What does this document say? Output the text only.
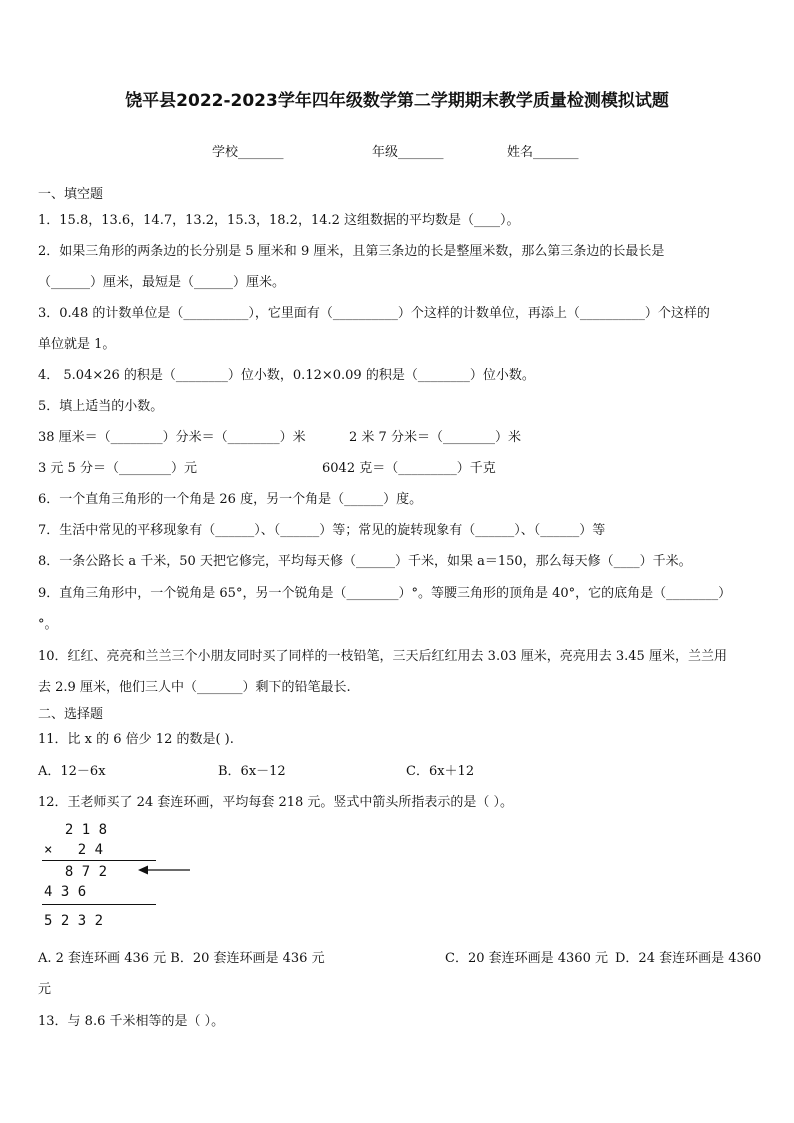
饶平县2022-2023学年四年级数学第二学期期末教学质量检测模拟试题
学校_______	年级_______	姓名_______
一、填空题
1．15.8，13.6，14.7，13.2，15.3，18.2，14.2 这组数据的平均数是（____）。
2．如果三角形的两条边的长分别是 5 厘米和 9 厘米，且第三条边的长是整厘米数，那么第三条边的长最长是
（______）厘米，最短是（______）厘米。
3．0.48 的计数单位是（__________），它里面有（__________）个这样的计数单位，再添上（__________）个这样的
单位就是 1。
4． 5.04×26 的积是（________）位小数，0.12×0.09 的积是（________）位小数。
5．填上适当的小数。
38 厘米＝（________）分米＝（________）米	2 米 7 分米＝（________）米
3 元 5 分＝（________）元	6042 克＝（_________）千克
6．一个直角三角形的一个角是 26 度，另一个角是（______）度。
7．生活中常见的平移现象有（______）、（______）等；常见的旋转现象有（______）、（______）等
8．一条公路长 a 千米，50 天把它修完，平均每天修（______）千米，如果 a＝150，那么每天修（____）千米。
9．直角三角形中，一个锐角是 65°，另一个锐角是（________）°。等腰三角形的顶角是 40°，它的底角是（________）
°。
10．红红、亮亮和兰兰三个小朋友同时买了同样的一枝铅笔，三天后红红用去 3.03 厘米，亮亮用去 3.45 厘米，兰兰用
去 2.9 厘米，他们三人中（_______）剩下的铅笔最长.
二、选择题
11．比 x 的 6 倍少 12 的数是( ).
A．12－6x	B．6x－12	C．6x＋12
12．王老师买了 24 套连环画，平均每套 218 元。竖式中箭头所指表示的是（ ）。
2 1 8
×   2 4
8 7 2
4 3 6
5 2 3 2
A. 2 套连环画 436 元 B．20 套连环画是 436 元	C．20 套连环画是 4360 元 D．24 套连环画是 4360
元
13．与 8.6 千米相等的是（ ）。
